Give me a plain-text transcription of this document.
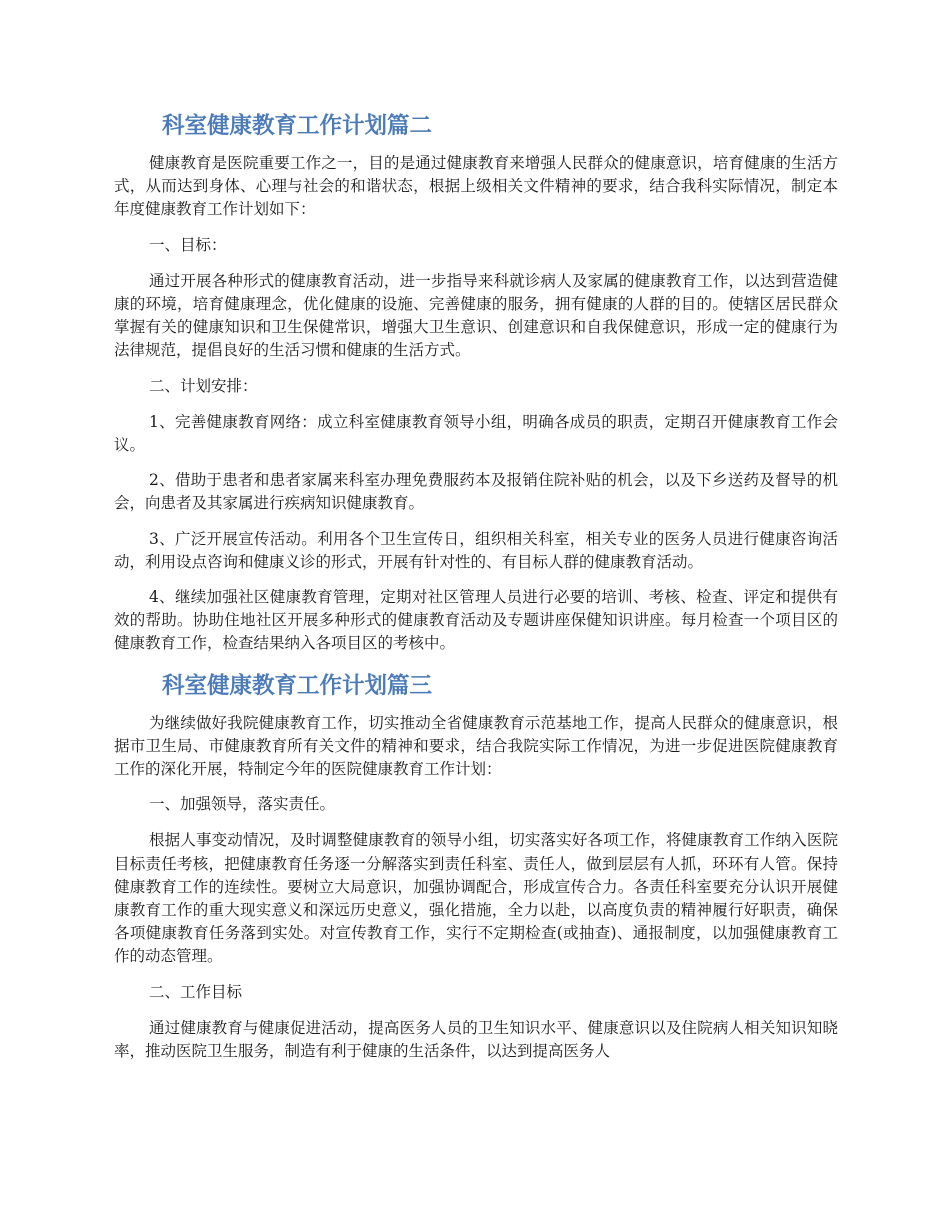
科室健康教育工作计划篇二

健康教育是医院重要工作之一，目的是通过健康教育来增强人民群众的健康意识，培育健康的生活方式，从而达到身体、心理与社会的和谐状态，根据上级相关文件精神的要求，结合我科实际情况，制定本年度健康教育工作计划如下：

一、目标：

通过开展各种形式的健康教育活动，进一步指导来科就诊病人及家属的健康教育工作，以达到营造健康的环境，培育健康理念，优化健康的设施、完善健康的服务，拥有健康的人群的目的。使辖区居民群众掌握有关的健康知识和卫生保健常识，增强大卫生意识、创建意识和自我保健意识，形成一定的健康行为法律规范，提倡良好的生活习惯和健康的生活方式。

二、计划安排：

1、完善健康教育网络：成立科室健康教育领导小组，明确各成员的职责，定期召开健康教育工作会议。

2、借助于患者和患者家属来科室办理免费服药本及报销住院补贴的机会，以及下乡送药及督导的机会，向患者及其家属进行疾病知识健康教育。

3、广泛开展宣传活动。利用各个卫生宣传日，组织相关科室，相关专业的医务人员进行健康咨询活动，利用设点咨询和健康义诊的形式，开展有针对性的、有目标人群的健康教育活动。

4、继续加强社区健康教育管理，定期对社区管理人员进行必要的培训、考核、检查、评定和提供有效的帮助。协助住地社区开展多种形式的健康教育活动及专题讲座保健知识讲座。每月检查一个项目区的健康教育工作，检查结果纳入各项目区的考核中。

科室健康教育工作计划篇三

为继续做好我院健康教育工作，切实推动全省健康教育示范基地工作，提高人民群众的健康意识，根据市卫生局、市健康教育所有关文件的精神和要求，结合我院实际工作情况，为进一步促进医院健康教育工作的深化开展，特制定今年的医院健康教育工作计划：

一、加强领导，落实责任。

根据人事变动情况，及时调整健康教育的领导小组，切实落实好各项工作，将健康教育工作纳入医院目标责任考核，把健康教育任务逐一分解落实到责任科室、责任人，做到层层有人抓，环环有人管。保持健康教育工作的连续性。要树立大局意识，加强协调配合，形成宣传合力。各责任科室要充分认识开展健康教育工作的重大现实意义和深远历史意义，强化措施，全力以赴，以高度负责的精神履行好职责，确保各项健康教育任务落到实处。对宣传教育工作，实行不定期检查(或抽查)、通报制度，以加强健康教育工作的动态管理。

二、工作目标

通过健康教育与健康促进活动，提高医务人员的卫生知识水平、健康意识以及住院病人相关知识知晓率，推动医院卫生服务，制造有利于健康的生活条件，以达到提高医务人
